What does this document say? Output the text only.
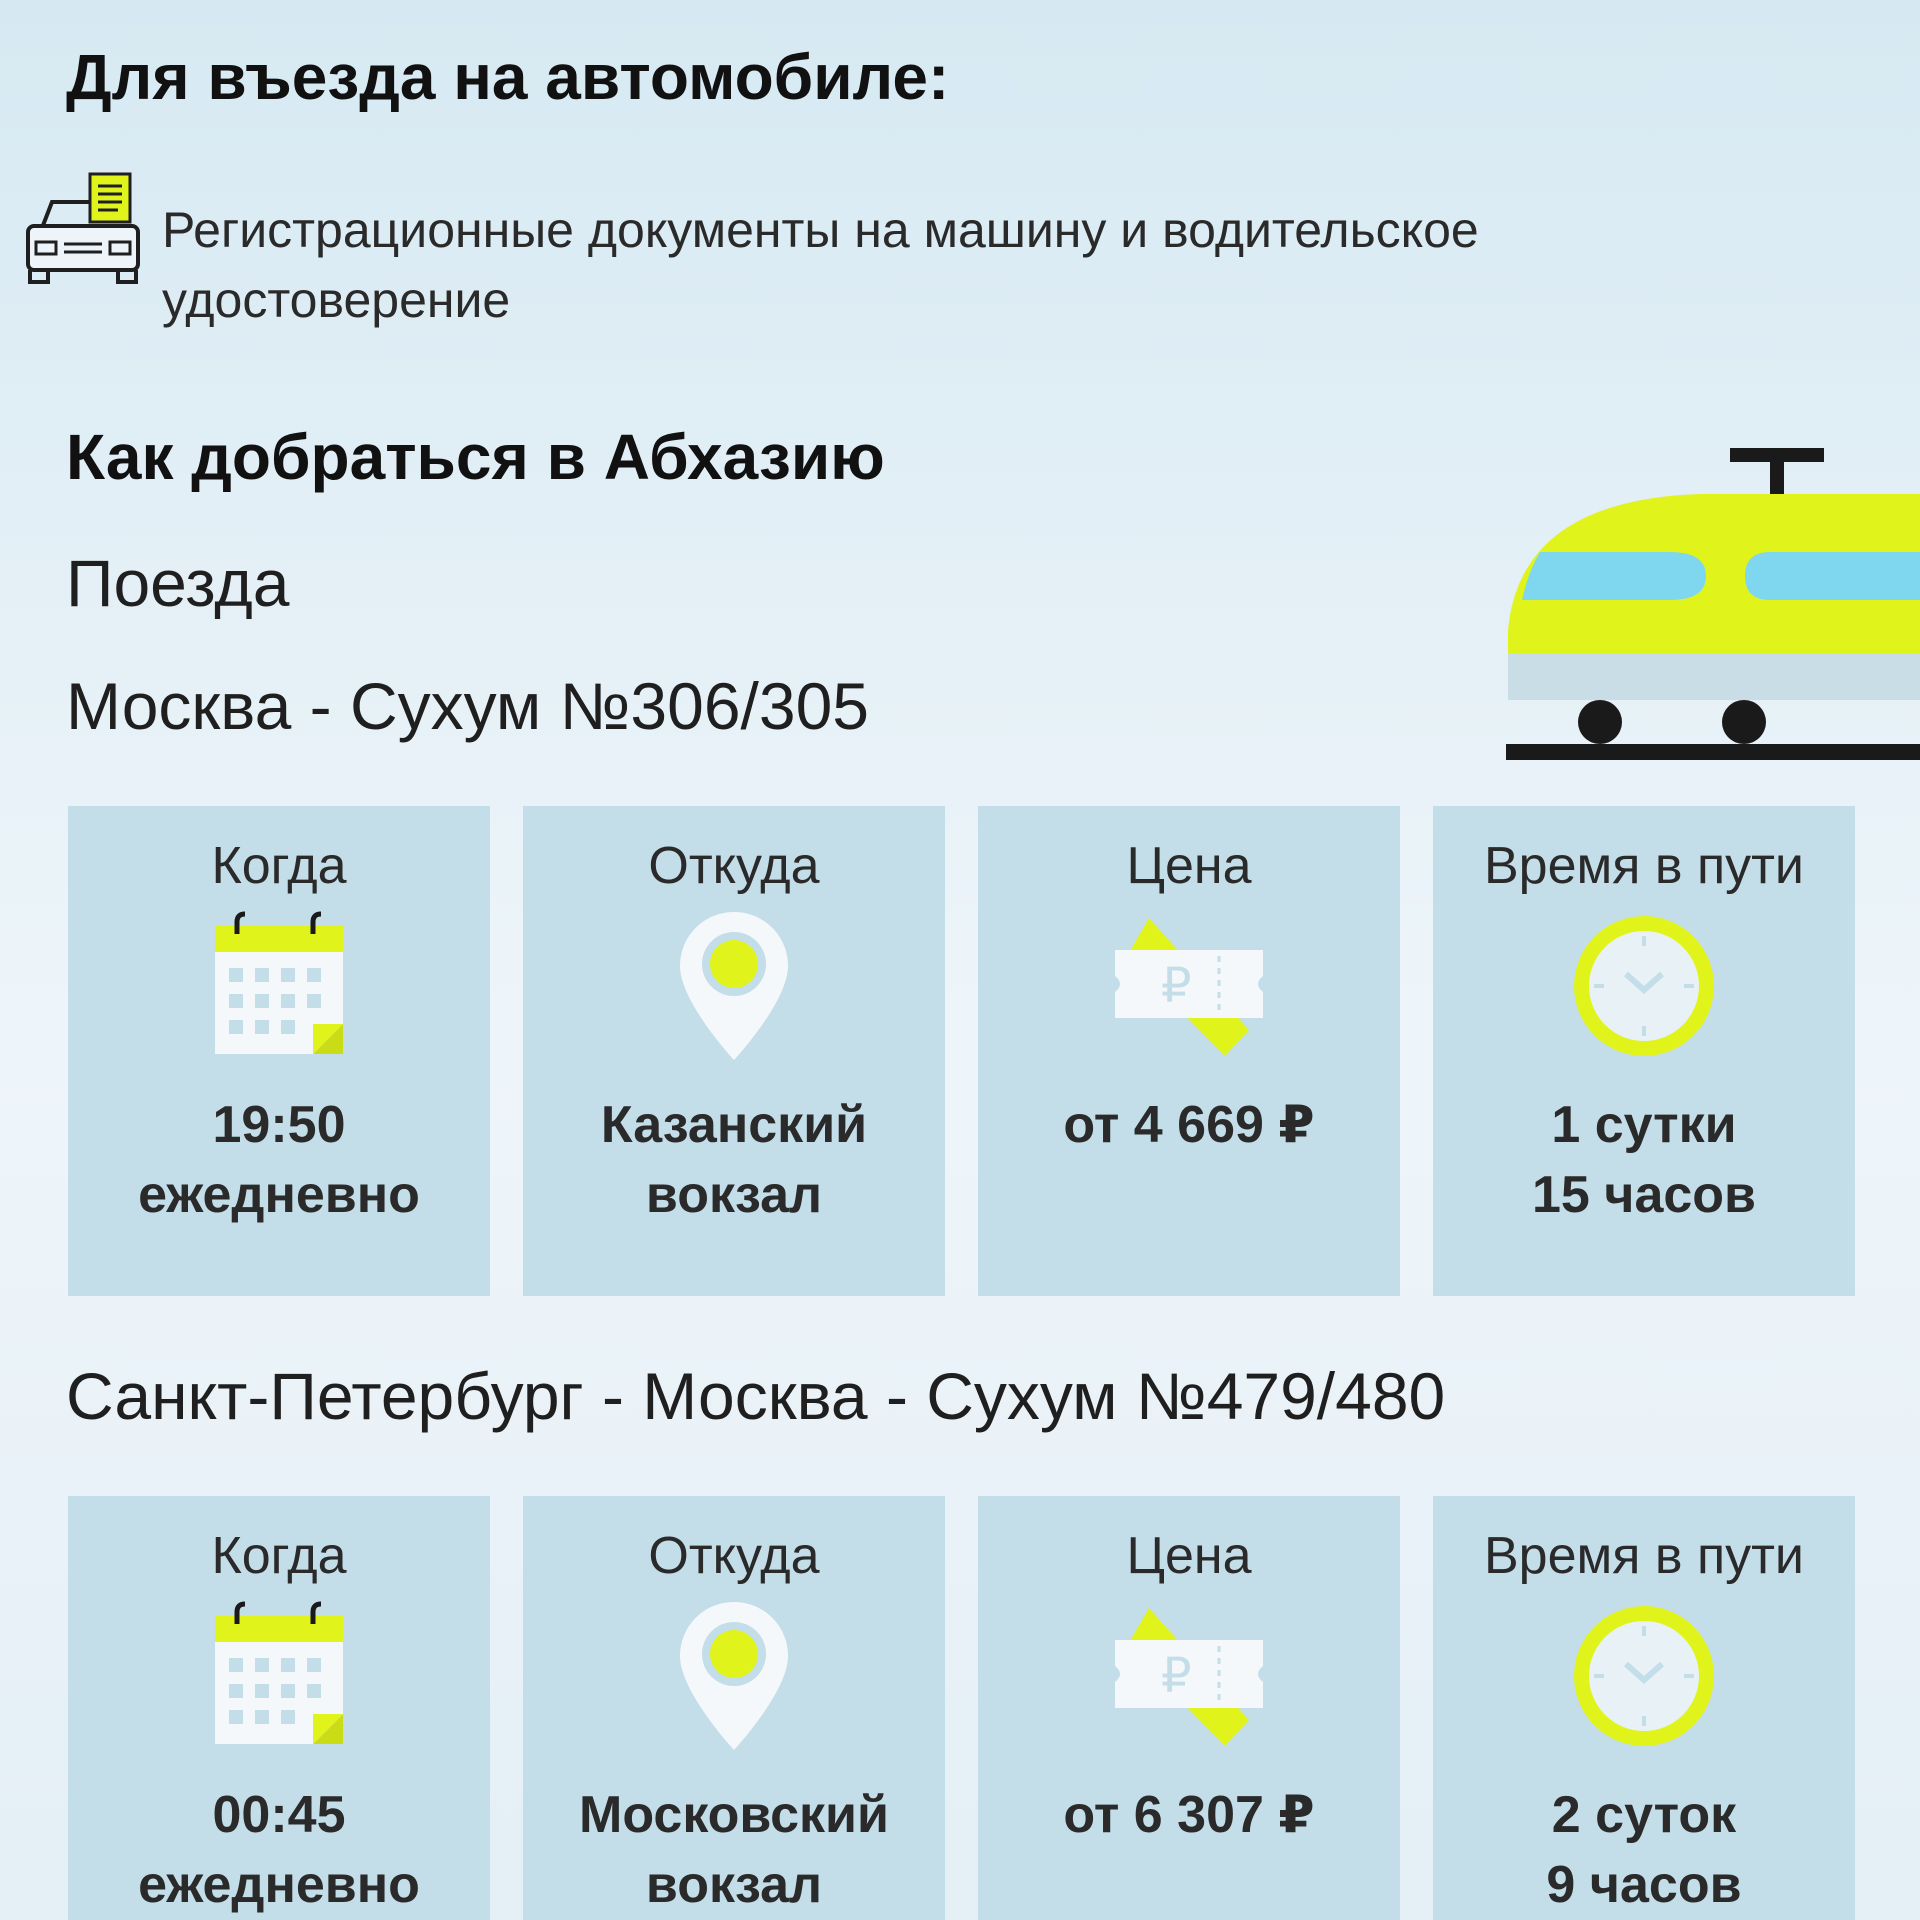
Для въезда на автомобиле:
Регистрационные документы на машину и водительское
удостоверение
Как добраться в Абхазию
Поезда
Москва - Сухум №306/305
Когда
19:50
ежедневно
Откуда
Казанский
вокзал
Цена
₽
от 4 669 ₽
Время в пути
1 сутки
15 часов
Санкт-Петербург - Москва - Сухум №479/480
Когда
00:45
ежедневно
Откуда
Московский
вокзал
Цена
₽
от 6 307 ₽
Время в пути
2 суток
9 часов
